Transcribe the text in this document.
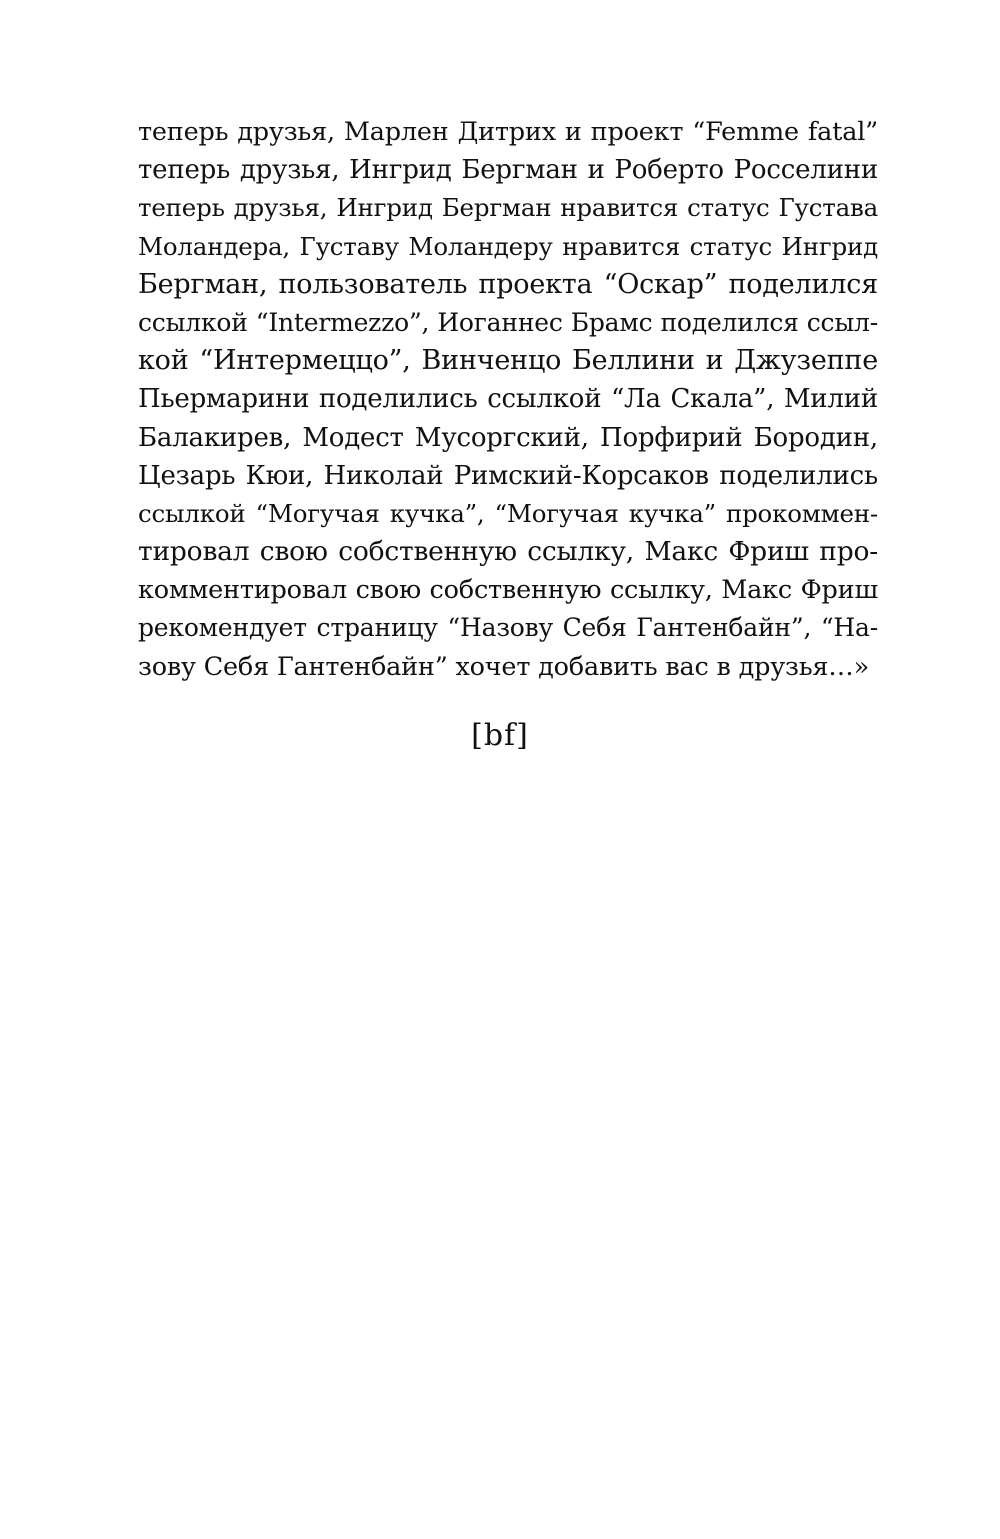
теперь друзья, Марлен Дитрих и проект “Femme fatal”
теперь друзья, Ингрид Бергман и Роберто Росселини
теперь друзья, Ингрид Бергман нравится статус Густава
Моландера, Густаву Моландеру нравится статус Ингрид
Бергман, пользователь проекта “Оскар” поделился
ссылкой “Intermezzo”, Иоганнес Брамс поделился ссыл-
кой “Интермеццо”, Винченцо Беллини и Джузеппе
Пьермарини поделились ссылкой “Ла Скала”, Милий
Балакирев, Модест Мусоргский, Порфирий Бородин,
Цезарь Кюи, Николай Римский-Корсаков поделились
ссылкой “Могучая кучка”, “Могучая кучка” прокоммен-
тировал свою собственную ссылку, Макс Фриш про-
комментировал свою собственную ссылку, Макс Фриш
рекомендует страницу “Назову Себя Гантенбайн”, “На-
зову Себя Гантенбайн” хочет добавить вас в друзья…»
[bf]
